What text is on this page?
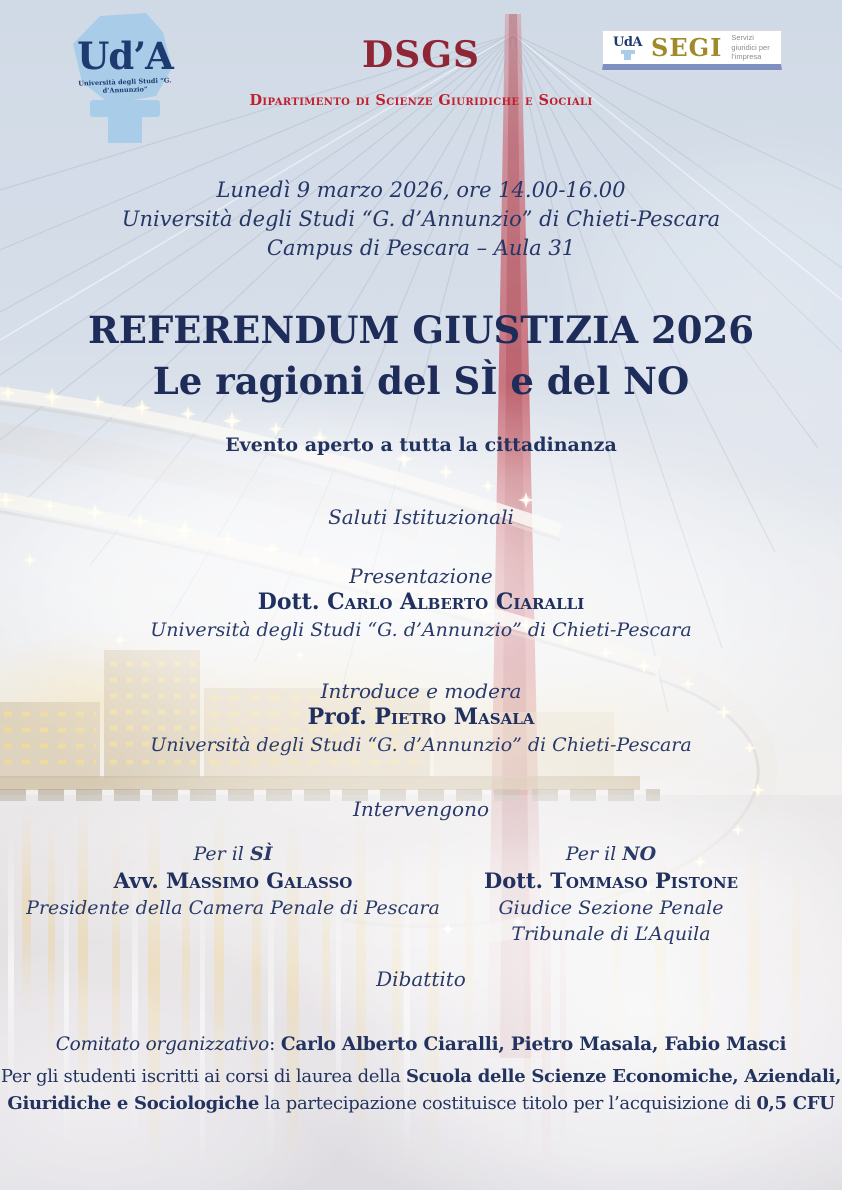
Ud’A
Università degli Studi “G. d’Annunzio”
DSGS
Dipartimento di Scienze Giuridiche e Sociali
UdA SEGI Servizi giuridici per
l’impresa
Lunedì 9 marzo 2026, ore 14.00-16.00
Università degli Studi “G. d’Annunzio” di Chieti-Pescara
Campus di Pescara – Aula 31
REFERENDUM GIUSTIZIA 2026
Le ragioni del SÌ e del NO
Evento aperto a tutta la cittadinanza
Saluti Istituzionali
Presentazione
Dott. Carlo Alberto Ciaralli
Università degli Studi “G. d’Annunzio” di Chieti-Pescara
Introduce e modera
Prof. Pietro Masala
Università degli Studi “G. d’Annunzio” di Chieti-Pescara
Intervengono
Per il SÌ
Avv. Massimo Galasso
Presidente della Camera Penale di Pescara
Per il NO
Dott. Tommaso Pistone
Giudice Sezione Penale
Tribunale di L’Aquila
Dibattito
Comitato organizzativo: Carlo Alberto Ciaralli, Pietro Masala, Fabio Masci
Per gli studenti iscritti ai corsi di laurea della Scuola delle Scienze Economiche, Aziendali,
Giuridiche e Sociologiche la partecipazione costituisce titolo per l’acquisizione di 0,5 CFU
